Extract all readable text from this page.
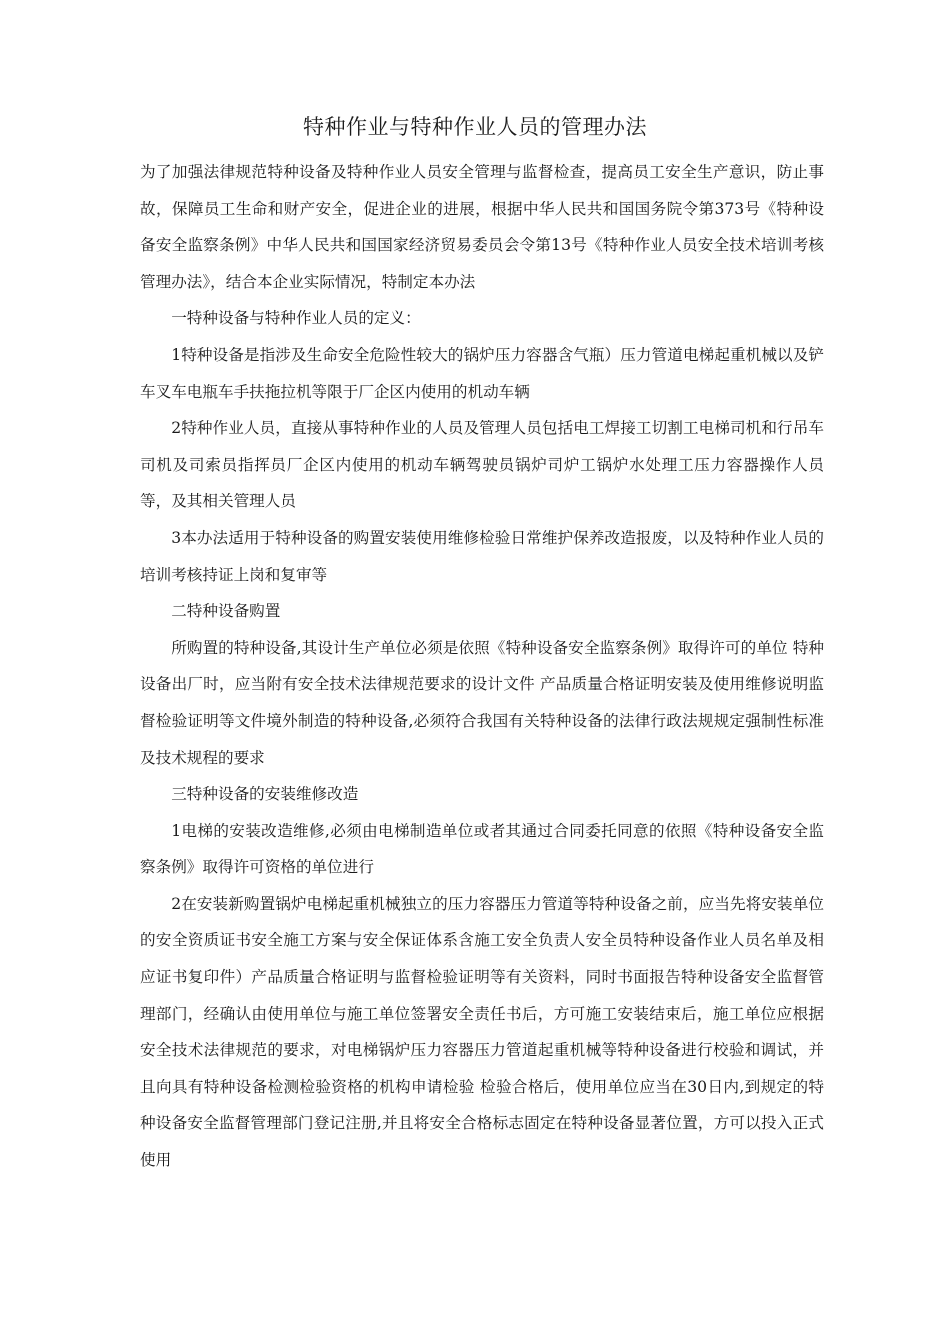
特种作业与特种作业人员的管理办法

为了加强法律规范特种设备及特种作业人员安全管理与监督检查，提高员工安全生产意识，防止事故，保障员工生命和财产安全，促进企业的进展，根据中华人民共和国国务院令第373号《特种设备安全监察条例》中华人民共和国国家经济贸易委员会令第13号《特种作业人员安全技术培训考核管理办法》，结合本企业实际情况，特制定本办法

一特种设备与特种作业人员的定义：

1特种设备是指涉及生命安全危险性较大的锅炉压力容器含气瓶）压力管道电梯起重机械以及铲车叉车电瓶车手扶拖拉机等限于厂企区内使用的机动车辆

2特种作业人员，直接从事特种作业的人员及管理人员包括电工焊接工切割工电梯司机和行吊车司机及司索员指挥员厂企区内使用的机动车辆驾驶员锅炉司炉工锅炉水处理工压力容器操作人员等，及其相关管理人员

3本办法适用于特种设备的购置安装使用维修检验日常维护保养改造报废，以及特种作业人员的培训考核持证上岗和复审等

二特种设备购置

所购置的特种设备,其设计生产单位必须是依照《特种设备安全监察条例》取得许可的单位 特种设备出厂时，应当附有安全技术法律规范要求的设计文件 产品质量合格证明安装及使用维修说明监督检验证明等文件境外制造的特种设备,必须符合我国有关特种设备的法律行政法规规定强制性标准及技术规程的要求

三特种设备的安装维修改造

1电梯的安装改造维修,必须由电梯制造单位或者其通过合同委托同意的依照《特种设备安全监察条例》取得许可资格的单位进行

2在安装新购置锅炉电梯起重机械独立的压力容器压力管道等特种设备之前，应当先将安装单位的安全资质证书安全施工方案与安全保证体系含施工安全负责人安全员特种设备作业人员名单及相应证书复印件）产品质量合格证明与监督检验证明等有关资料，同时书面报告特种设备安全监督管理部门，经确认由使用单位与施工单位签署安全责任书后，方可施工安装结束后，施工单位应根据安全技术法律规范的要求，对电梯锅炉压力容器压力管道起重机械等特种设备进行校验和调试，并且向具有特种设备检测检验资格的机构申请检验 检验合格后，使用单位应当在30日内,到规定的特种设备安全监督管理部门登记注册,并且将安全合格标志固定在特种设备显著位置，方可以投入正式使用
